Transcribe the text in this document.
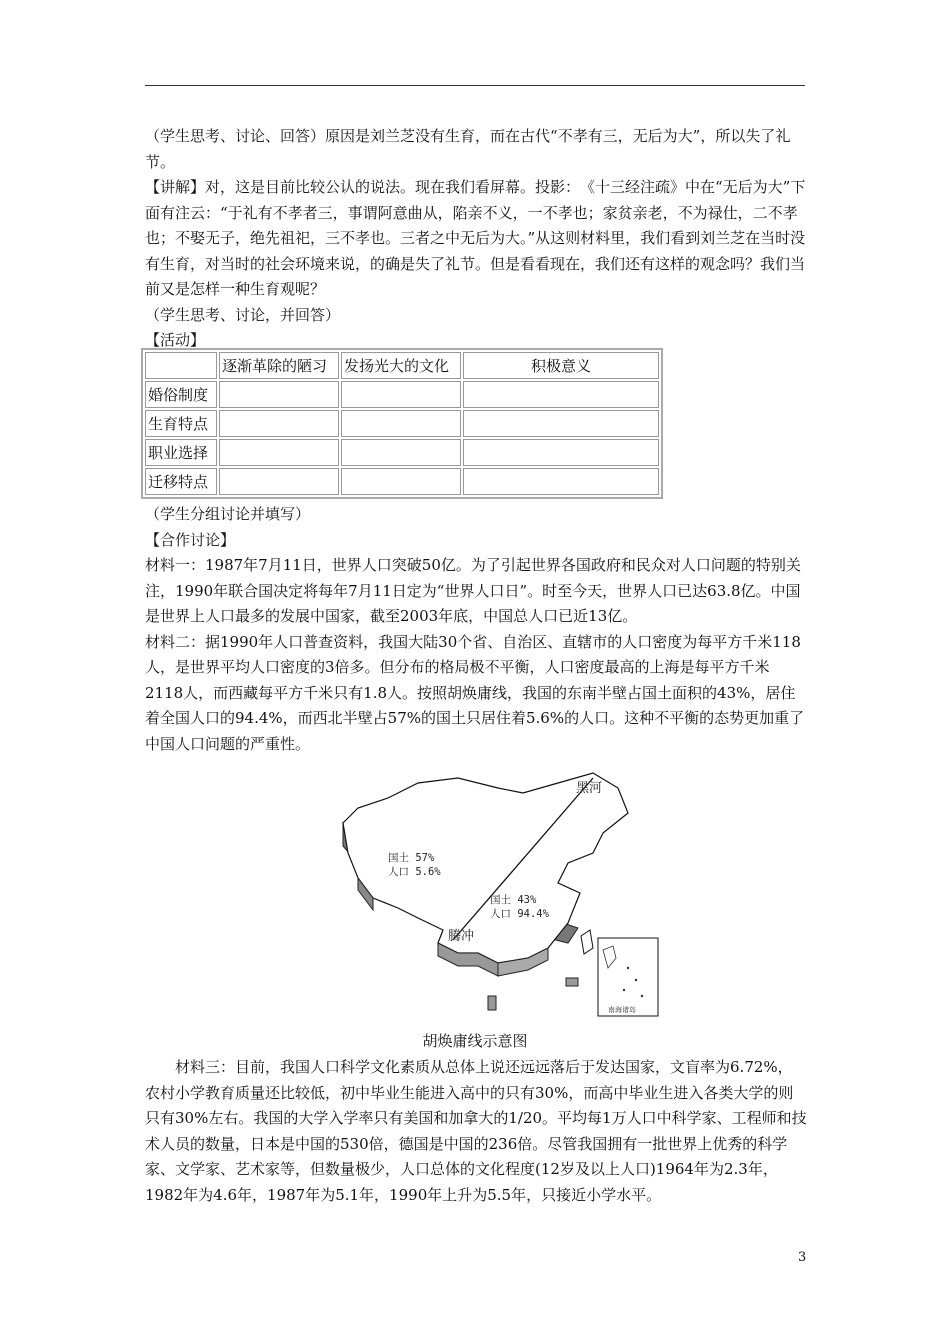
（学生思考、讨论、回答）原因是刘兰芝没有生育，而在古代“不孝有三，无后为大”，所以失了礼节。

【讲解】对，这是目前比较公认的说法。现在我们看屏幕。投影：　《十三经注疏》中在“无后为大”下面有注云：“于礼有不孝者三，事谓阿意曲从，陷亲不义，一不孝也；家贫亲老，不为禄仕，二不孝也；不娶无子，绝先祖祀，三不孝也。三者之中无后为大。”从这则材料里，我们看到刘兰芝在当时没有生育，对当时的社会环境来说，的确是失了礼节。但是看看现在，我们还有这样的观念吗？我们当前又是怎样一种生育观呢？

（学生思考、讨论，并回答）

【活动】

	逐渐革除的陋习	发扬光大的文化	积极意义
婚俗制度			
生育特点			
职业选择			
迁移特点			

（学生分组讨论并填写）

【合作讨论】

材料一：1987年7月11日，世界人口突破50亿。为了引起世界各国政府和民众对人口问题的特别关注，1990年联合国决定将每年7月11日定为“世界人口日”。时至今天，世界人口已达63.8亿。中国是世界上人口最多的发展中国家，截至2003年底，中国总人口已近13亿。

材料二：据1990年人口普查资料，我国大陆30个省、自治区、直辖市的人口密度为每平方千米118人，是世界平均人口密度的3倍多。但分布的格局极不平衡，人口密度最高的上海是每平方千米2118人，而西藏每平方千米只有1.8人。按照胡焕庸线，我国的东南半壁占国土面积的43%，居住着全国人口的94.4%，而西北半壁占57%的国土只居住着5.6%的人口。这种不平衡的态势更加重了中国人口问题的严重性。

南海诸岛
黑河
腾冲
国土 57%
人口 5.6%
国土 43%
人口 94.4%
胡焕庸线示意图

材料三：目前，我国人口科学文化素质从总体上说还远远落后于发达国家，文盲率为6.72%，农村小学教育质量还比较低，初中毕业生能进入高中的只有30%，而高中毕业生进入各类大学的则只有30%左右。我国的大学入学率只有美国和加拿大的1/20。平均每1万人口中科学家、工程师和技术人员的数量，日本是中国的530倍，德国是中国的236倍。尽管我国拥有一批世界上优秀的科学家、文学家、艺术家等，但数量极少，人口总体的文化程度(12岁及以上人口)1964年为2.3年，1982年为4.6年，1987年为5.1年，1990年上升为5.5年，只接近小学水平。

3
